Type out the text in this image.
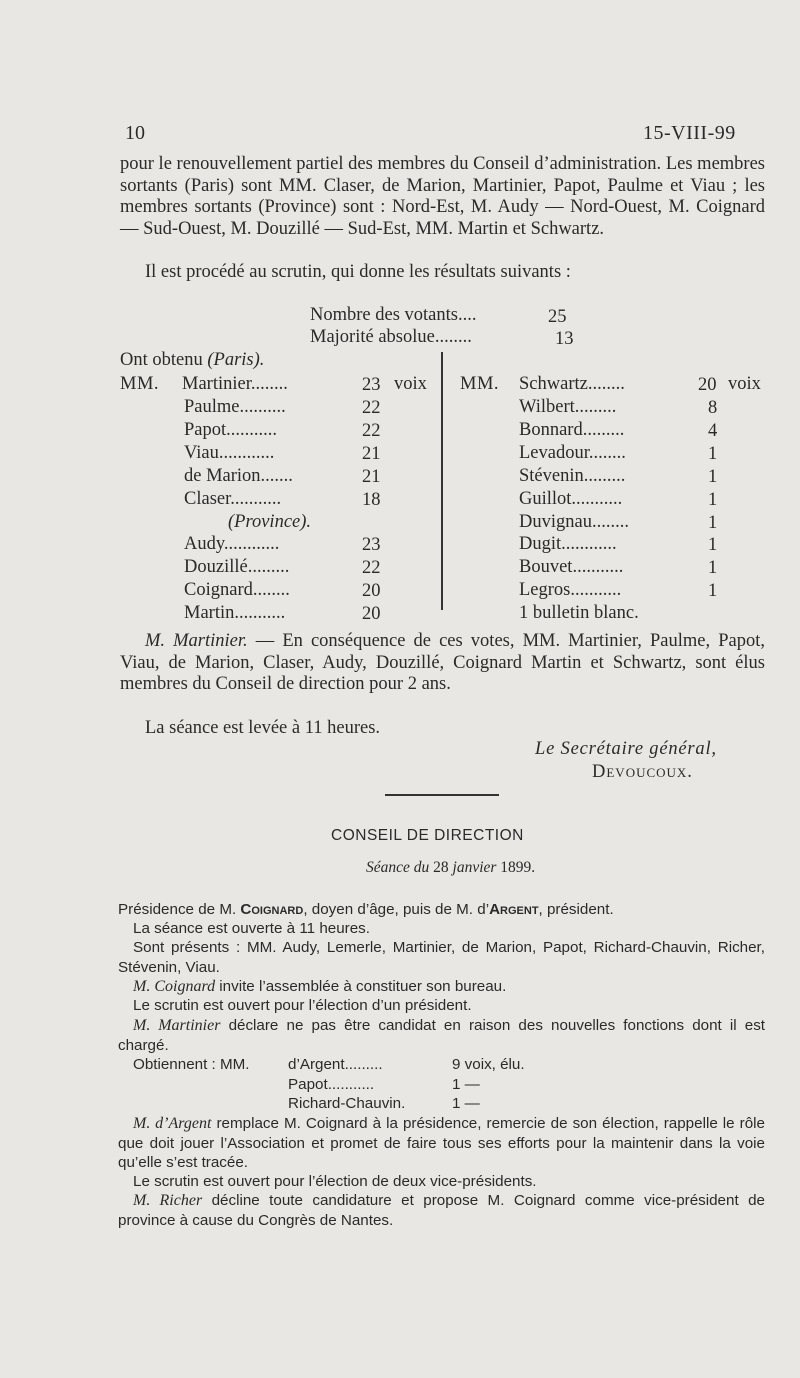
10	15-VIII-99
pour le renouvellement partiel des membres du Conseil d’administration. Les membres sortants (Paris) sont MM. Claser, de Marion, Martinier, Papot, Paulme et Viau ; les membres sortants (Province) sont : Nord-Est, M. Audy — Nord-Ouest, M. Coignard — Sud-Ouest, M. Douzillé — Sud-Est, MM. Martin et Schwartz.
Il est procédé au scrutin, qui donne les résultats suivants :
Nombre des votants....	25
Majorité absolue........	13
Ont obtenu (Paris).
MM. Martinier........	23 voix
Paulme..........	22
Papot...........	22
Viau............	21
de Marion.......	21
Claser...........	18
(Province).
Audy............	23
Douzillé.........	22
Coignard........	20
Martin...........	20
MM. Schwartz........	20 voix
Wilbert.........	8
Bonnard.........	4
Levadour........	1
Stévenin.........	1
Guillot...........	1
Duvignau........	1
Dugit............	1
Bouvet...........	1
Legros...........	1
1 bulletin blanc.
M. Martinier. — En conséquence de ces votes, MM. Martinier, Paulme, Papot, Viau, de Marion, Claser, Audy, Douzillé, Coignard Martin et Schwartz, sont élus membres du Conseil de direction pour 2 ans.
La séance est levée à 11 heures.
Le Secrétaire général,
Devoucoux.
CONSEIL DE DIRECTION
Séance du 28 janvier 1899.
Présidence de M. Coignard, doyen d’âge, puis de M. d’Argent, président.
La séance est ouverte à 11 heures.
Sont présents : MM. Audy, Lemerle, Martinier, de Marion, Papot, Richard-Chauvin, Richer, Stévenin, Viau.
M. Coignard invite l’assemblée à constituer son bureau.
Le scrutin est ouvert pour l’élection d’un président.
M. Martinier déclare ne pas être candidat en raison des nouvelles fonctions dont il est chargé.
Obtiennent : MM.	d’Argent.........	9 voix, élu.
Papot...........	1 —
Richard-Chauvin.	1 —
M. d’Argent remplace M. Coignard à la présidence, remercie de son élection, rappelle le rôle que doit jouer l’Association et promet de faire tous ses efforts pour la maintenir dans la voie qu’elle s’est tracée.
Le scrutin est ouvert pour l’élection de deux vice-présidents.
M. Richer décline toute candidature et propose M. Coignard comme vice-président de province à cause du Congrès de Nantes.
